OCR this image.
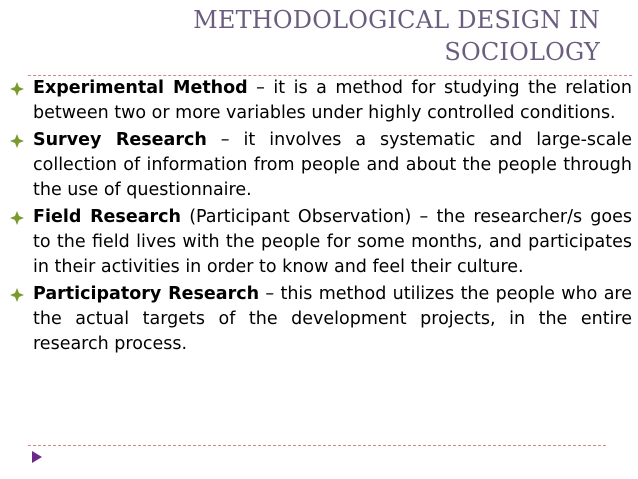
METHODOLOGICAL DESIGN IN
SOCIOLOGY

Experimental Method – it is a method for studying the relation between two or more variables under highly controlled conditions.

Survey Research – it involves a systematic and large-scale collection of information from people and about the people through the use of questionnaire.

Field Research (Participant Observation) – the researcher/s goes to the field lives with the people for some months, and participates in their activities in order to know and feel their culture.

Participatory Research – this method utilizes the people who are the actual targets of the development projects, in the entire research process.
